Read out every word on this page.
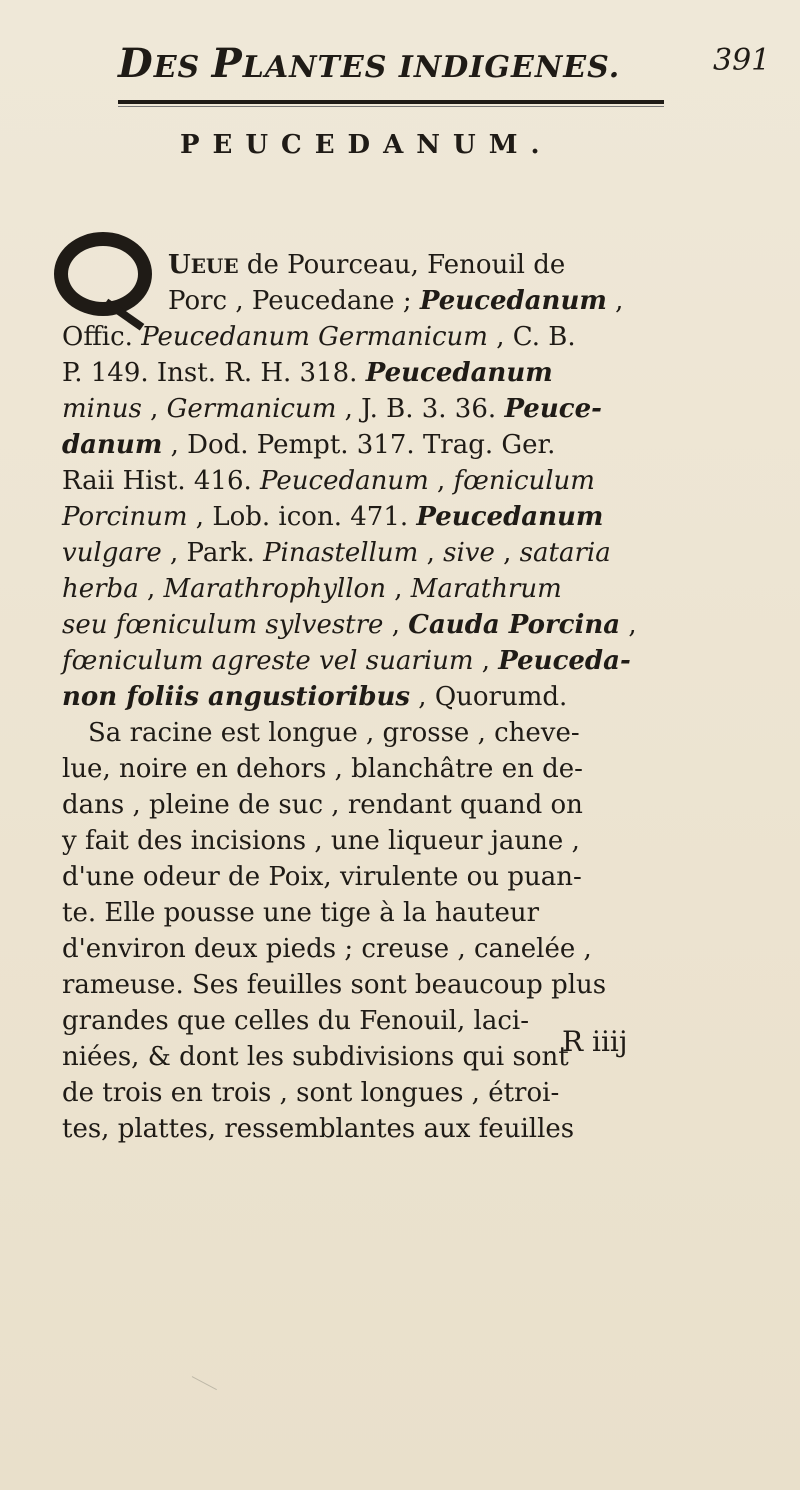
DES PLANTES INDIGENES.	391
PEUCEDANUM.
UEUE de Pourceau, Fenouil de
Porc , Peucedane ; Peucedanum ,
Offic. Peucedanum Germanicum , C. B.
P. 149. Inst. R. H. 318. Peucedanum
minus , Germanicum , J. B. 3. 36. Peuce-
danum , Dod. Pempt. 317. Trag. Ger.
Raii Hist. 416. Peucedanum , fœniculum
Porcinum , Lob. icon. 471. Peucedanum
vulgare , Park. Pinastellum , sive , sataria
herba , Marathrophyllon , Marathrum
seu fœniculum sylvestre , Cauda Porcina ,
fœniculum agreste vel suarium , Peuceda-
non foliis angustioribus , Quorumd.
Sa racine est longue , grosse , cheve-
lue, noire en dehors , blanchâtre en de-
dans , pleine de suc , rendant quand on
y fait des incisions , une liqueur jaune ,
d'une odeur de Poix, virulente ou puan-
te. Elle pousse une tige à la hauteur
d'environ deux pieds ; creuse , canelée ,
rameuse. Ses feuilles sont beaucoup plus
grandes que celles du Fenouil, laci-
niées, & dont les subdivisions qui sont
de trois en trois , sont longues , étroi-
tes, plattes, ressemblantes aux feuilles
R iiij
